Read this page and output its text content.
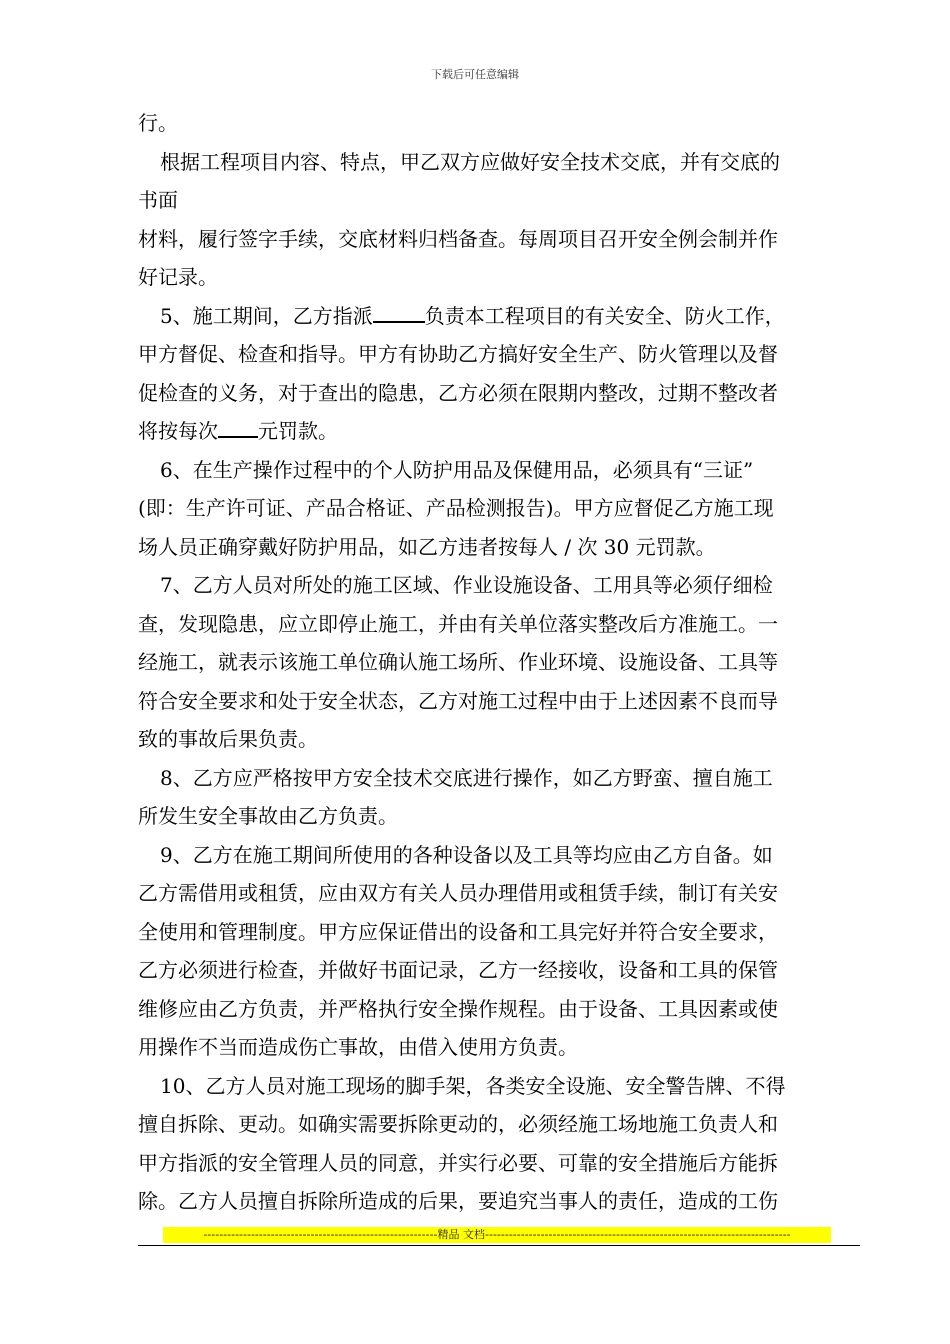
下载后可任意编辑
行。
根据工程项目内容、特点，甲乙双方应做好安全技术交底，并有交底的
书面
材料，履行签字手续，交底材料归档备查。每周项目召开安全例会制并作
好记录。
5、施工期间，乙方指派	负责本工程项目的有关安全、防火工作，
甲方督促、检查和指导。甲方有协助乙方搞好安全生产、防火管理以及督
促检查的义务，对于查出的隐患，乙方必须在限期内整改，过期不整改者
将按每次 元罚款。
6、在生产操作过程中的个人防护用品及保健用品，必须具有“三证”
(即：生产许可证、产品合格证、产品检测报告)。甲方应督促乙方施工现
场人员正确穿戴好防护用品，如乙方违者按每人 / 次 30 元罚款。
7、乙方人员对所处的施工区域、作业设施设备、工用具等必须仔细检
查，发现隐患，应立即停止施工，并由有关单位落实整改后方准施工。一
经施工，就表示该施工单位确认施工场所、作业环境、设施设备、工具等
符合安全要求和处于安全状态，乙方对施工过程中由于上述因素不良而导
致的事故后果负责。
8、乙方应严格按甲方安全技术交底进行操作，如乙方野蛮、擅自施工
所发生安全事故由乙方负责。
9、乙方在施工期间所使用的各种设备以及工具等均应由乙方自备。如
乙方需借用或租赁，应由双方有关人员办理借用或租赁手续，制订有关安
全使用和管理制度。甲方应保证借出的设备和工具完好并符合安全要求，
乙方必须进行检查，并做好书面记录，乙方一经接收，设备和工具的保管
维修应由乙方负责，并严格执行安全操作规程。由于设备、工具因素或使
用操作不当而造成伤亡事故，由借入使用方负责。
10、乙方人员对施工现场的脚手架，各类安全设施、安全警告牌、不得
擅自拆除、更动。如确实需要拆除更动的，必须经施工场地施工负责人和
甲方指派的安全管理人员的同意，并实行必要、可靠的安全措施后方能拆
除。乙方人员擅自拆除所造成的后果，要追究当事人的责任，造成的工伤
-----------------------------------------------------------精品 文档-----------------------------------------------------------------------------
